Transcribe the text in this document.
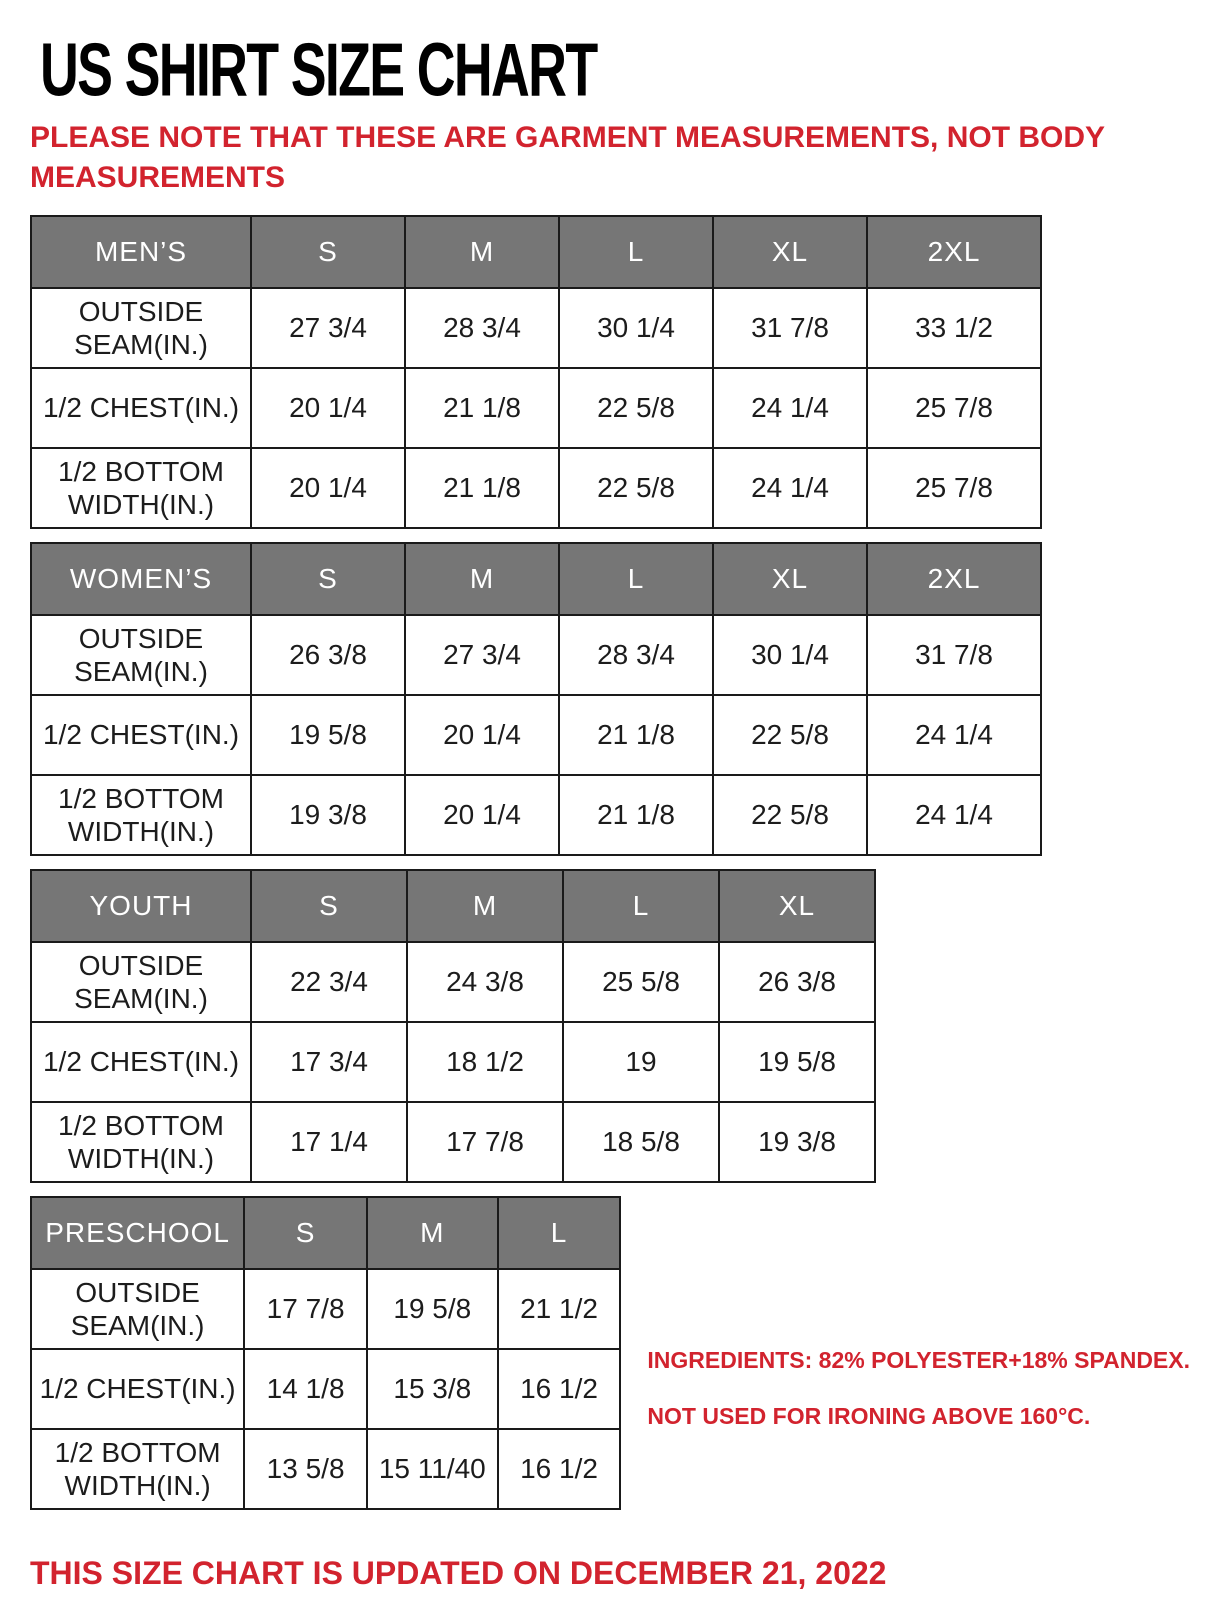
US SHIRT SIZE CHART

PLEASE NOTE THAT THESE ARE GARMENT MEASUREMENTS, NOT BODY MEASUREMENTS

MEN’S	S	M	L	XL	2XL
OUTSIDE SEAM(IN.)	27 3/4	28 3/4	30 1/4	31 7/8	33 1/2
1/2 CHEST(IN.)	20 1/4	21 1/8	22 5/8	24 1/4	25 7/8
1/2 BOTTOM WIDTH(IN.)	20 1/4	21 1/8	22 5/8	24 1/4	25 7/8
WOMEN’S	S	M	L	XL	2XL
OUTSIDE SEAM(IN.)	26 3/8	27 3/4	28 3/4	30 1/4	31 7/8
1/2 CHEST(IN.)	19 5/8	20 1/4	21 1/8	22 5/8	24 1/4
1/2 BOTTOM WIDTH(IN.)	19 3/8	20 1/4	21 1/8	22 5/8	24 1/4
YOUTH	S	M	L	XL
OUTSIDE SEAM(IN.)	22 3/4	24 3/8	25 5/8	26 3/8
1/2 CHEST(IN.)	17 3/4	18 1/2	19	19 5/8
1/2 BOTTOM WIDTH(IN.)	17 1/4	17 7/8	18 5/8	19 3/8
PRESCHOOL	S	M	L
OUTSIDE SEAM(IN.)	17 7/8	19 5/8	21 1/2
1/2 CHEST(IN.)	14 1/8	15 3/8	16 1/2
1/2 BOTTOM WIDTH(IN.)	13 5/8	15 11/40	16 1/2
INGREDIENTS: 82% POLYESTER+18% SPANDEX.
NOT USED FOR IRONING ABOVE 160°C.

THIS SIZE CHART IS UPDATED ON DECEMBER 21, 2022
